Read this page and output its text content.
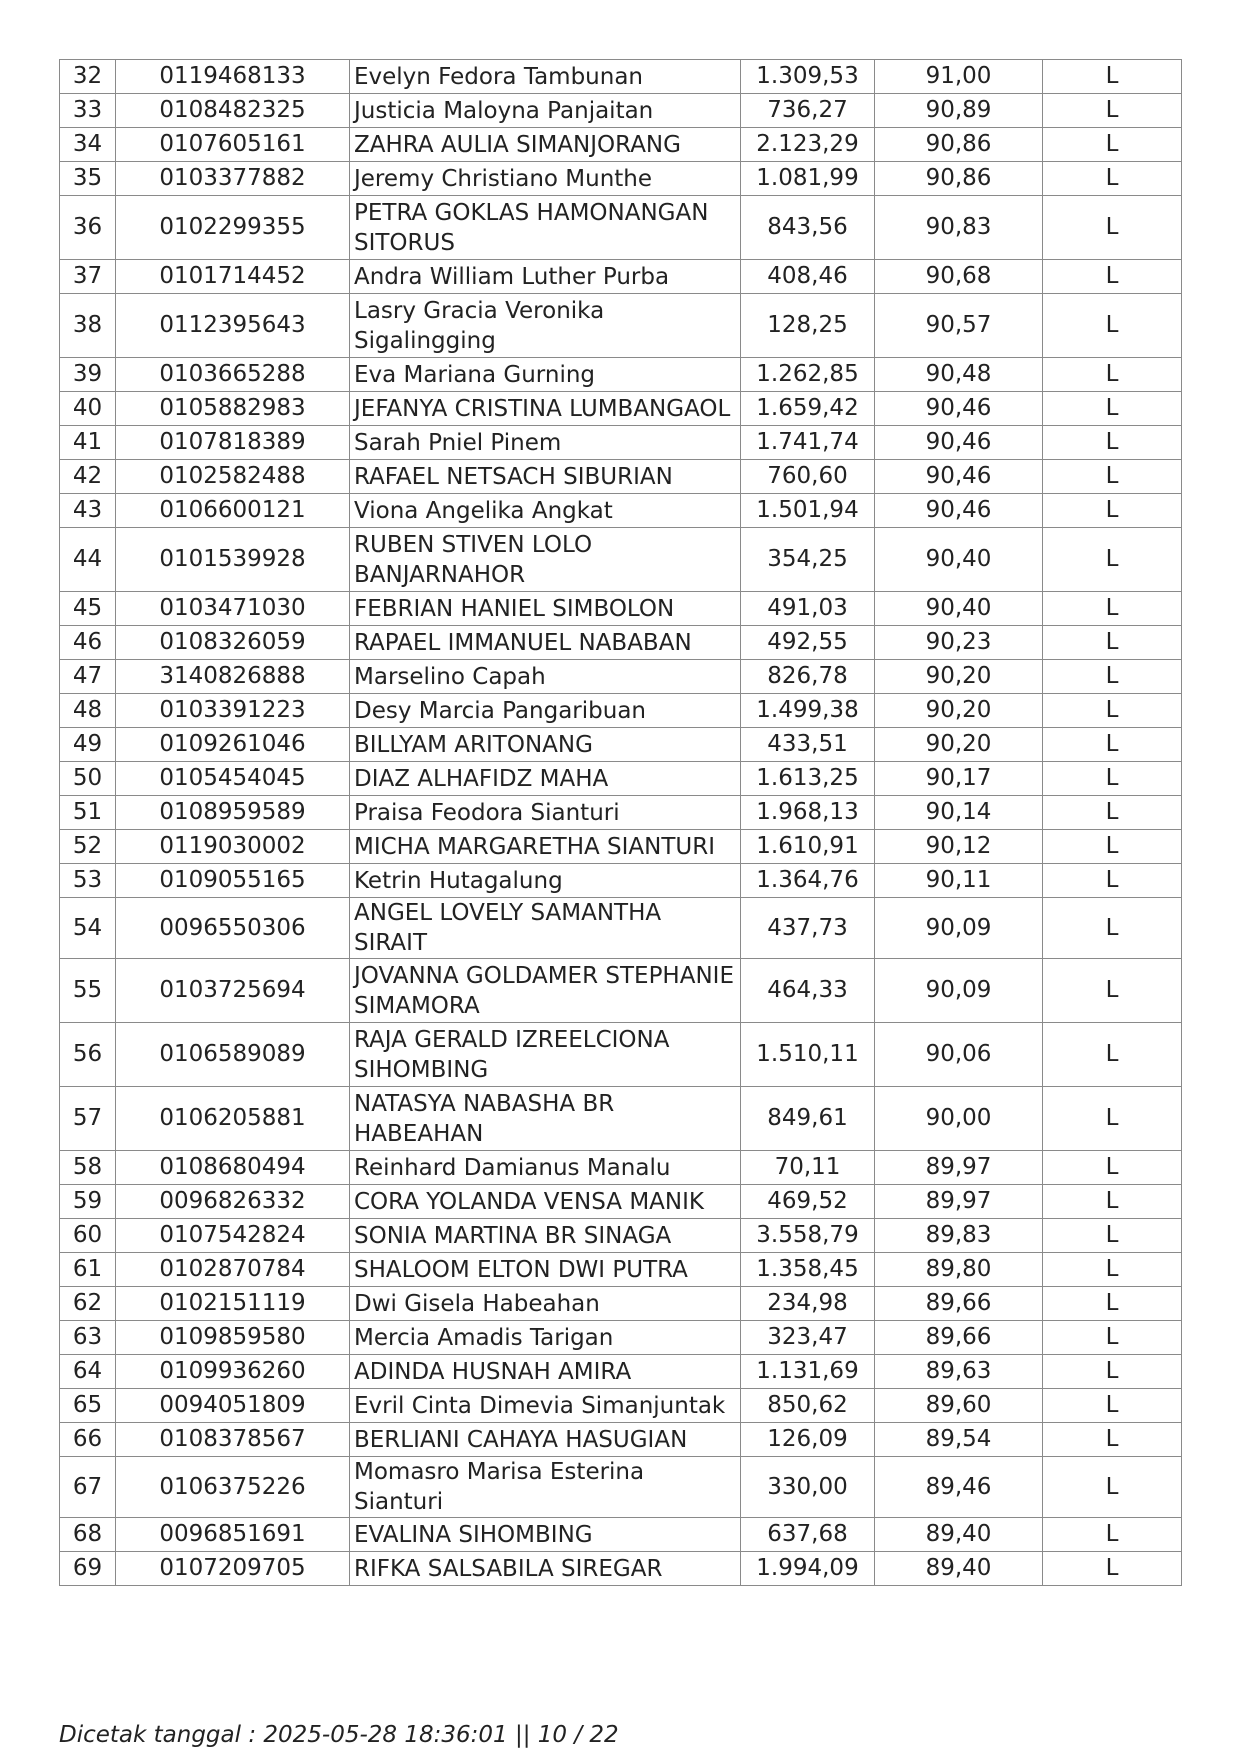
32	0119468133	Evelyn Fedora Tambunan	1.309,53	91,00	L
33	0108482325	Justicia Maloyna Panjaitan	736,27	90,89	L
34	0107605161	ZAHRA AULIA SIMANJORANG	2.123,29	90,86	L
35	0103377882	Jeremy Christiano Munthe	1.081,99	90,86	L
36	0102299355	PETRA GOKLAS HAMONANGAN SITORUS	843,56	90,83	L
37	0101714452	Andra William Luther Purba	408,46	90,68	L
38	0112395643	Lasry Gracia Veronika Sigalingging	128,25	90,57	L
39	0103665288	Eva Mariana Gurning	1.262,85	90,48	L
40	0105882983	JEFANYA CRISTINA LUMBANGAOL	1.659,42	90,46	L
41	0107818389	Sarah Pniel Pinem	1.741,74	90,46	L
42	0102582488	RAFAEL NETSACH SIBURIAN	760,60	90,46	L
43	0106600121	Viona Angelika Angkat	1.501,94	90,46	L
44	0101539928	RUBEN STIVEN LOLO BANJARNAHOR	354,25	90,40	L
45	0103471030	FEBRIAN HANIEL SIMBOLON	491,03	90,40	L
46	0108326059	RAPAEL IMMANUEL NABABAN	492,55	90,23	L
47	3140826888	Marselino Capah	826,78	90,20	L
48	0103391223	Desy Marcia Pangaribuan	1.499,38	90,20	L
49	0109261046	BILLYAM ARITONANG	433,51	90,20	L
50	0105454045	DIAZ ALHAFIDZ MAHA	1.613,25	90,17	L
51	0108959589	Praisa Feodora Sianturi	1.968,13	90,14	L
52	0119030002	MICHA MARGARETHA SIANTURI	1.610,91	90,12	L
53	0109055165	Ketrin Hutagalung	1.364,76	90,11	L
54	0096550306	ANGEL LOVELY SAMANTHA SIRAIT	437,73	90,09	L
55	0103725694	JOVANNA GOLDAMER STEPHANIE SIMAMORA	464,33	90,09	L
56	0106589089	RAJA GERALD IZREELCIONA SIHOMBING	1.510,11	90,06	L
57	0106205881	NATASYA NABASHA BR HABEAHAN	849,61	90,00	L
58	0108680494	Reinhard Damianus Manalu	70,11	89,97	L
59	0096826332	CORA YOLANDA VENSA MANIK	469,52	89,97	L
60	0107542824	SONIA MARTINA BR SINAGA	3.558,79	89,83	L
61	0102870784	SHALOOM ELTON DWI PUTRA	1.358,45	89,80	L
62	0102151119	Dwi Gisela Habeahan	234,98	89,66	L
63	0109859580	Mercia Amadis Tarigan	323,47	89,66	L
64	0109936260	ADINDA HUSNAH AMIRA	1.131,69	89,63	L
65	0094051809	Evril Cinta Dimevia Simanjuntak	850,62	89,60	L
66	0108378567	BERLIANI CAHAYA HASUGIAN	126,09	89,54	L
67	0106375226	Momasro Marisa Esterina Sianturi	330,00	89,46	L
68	0096851691	EVALINA SIHOMBING	637,68	89,40	L
69	0107209705	RIFKA SALSABILA SIREGAR	1.994,09	89,40	L
Dicetak tanggal : 2025-05-28 18:36:01 || 10 / 22
